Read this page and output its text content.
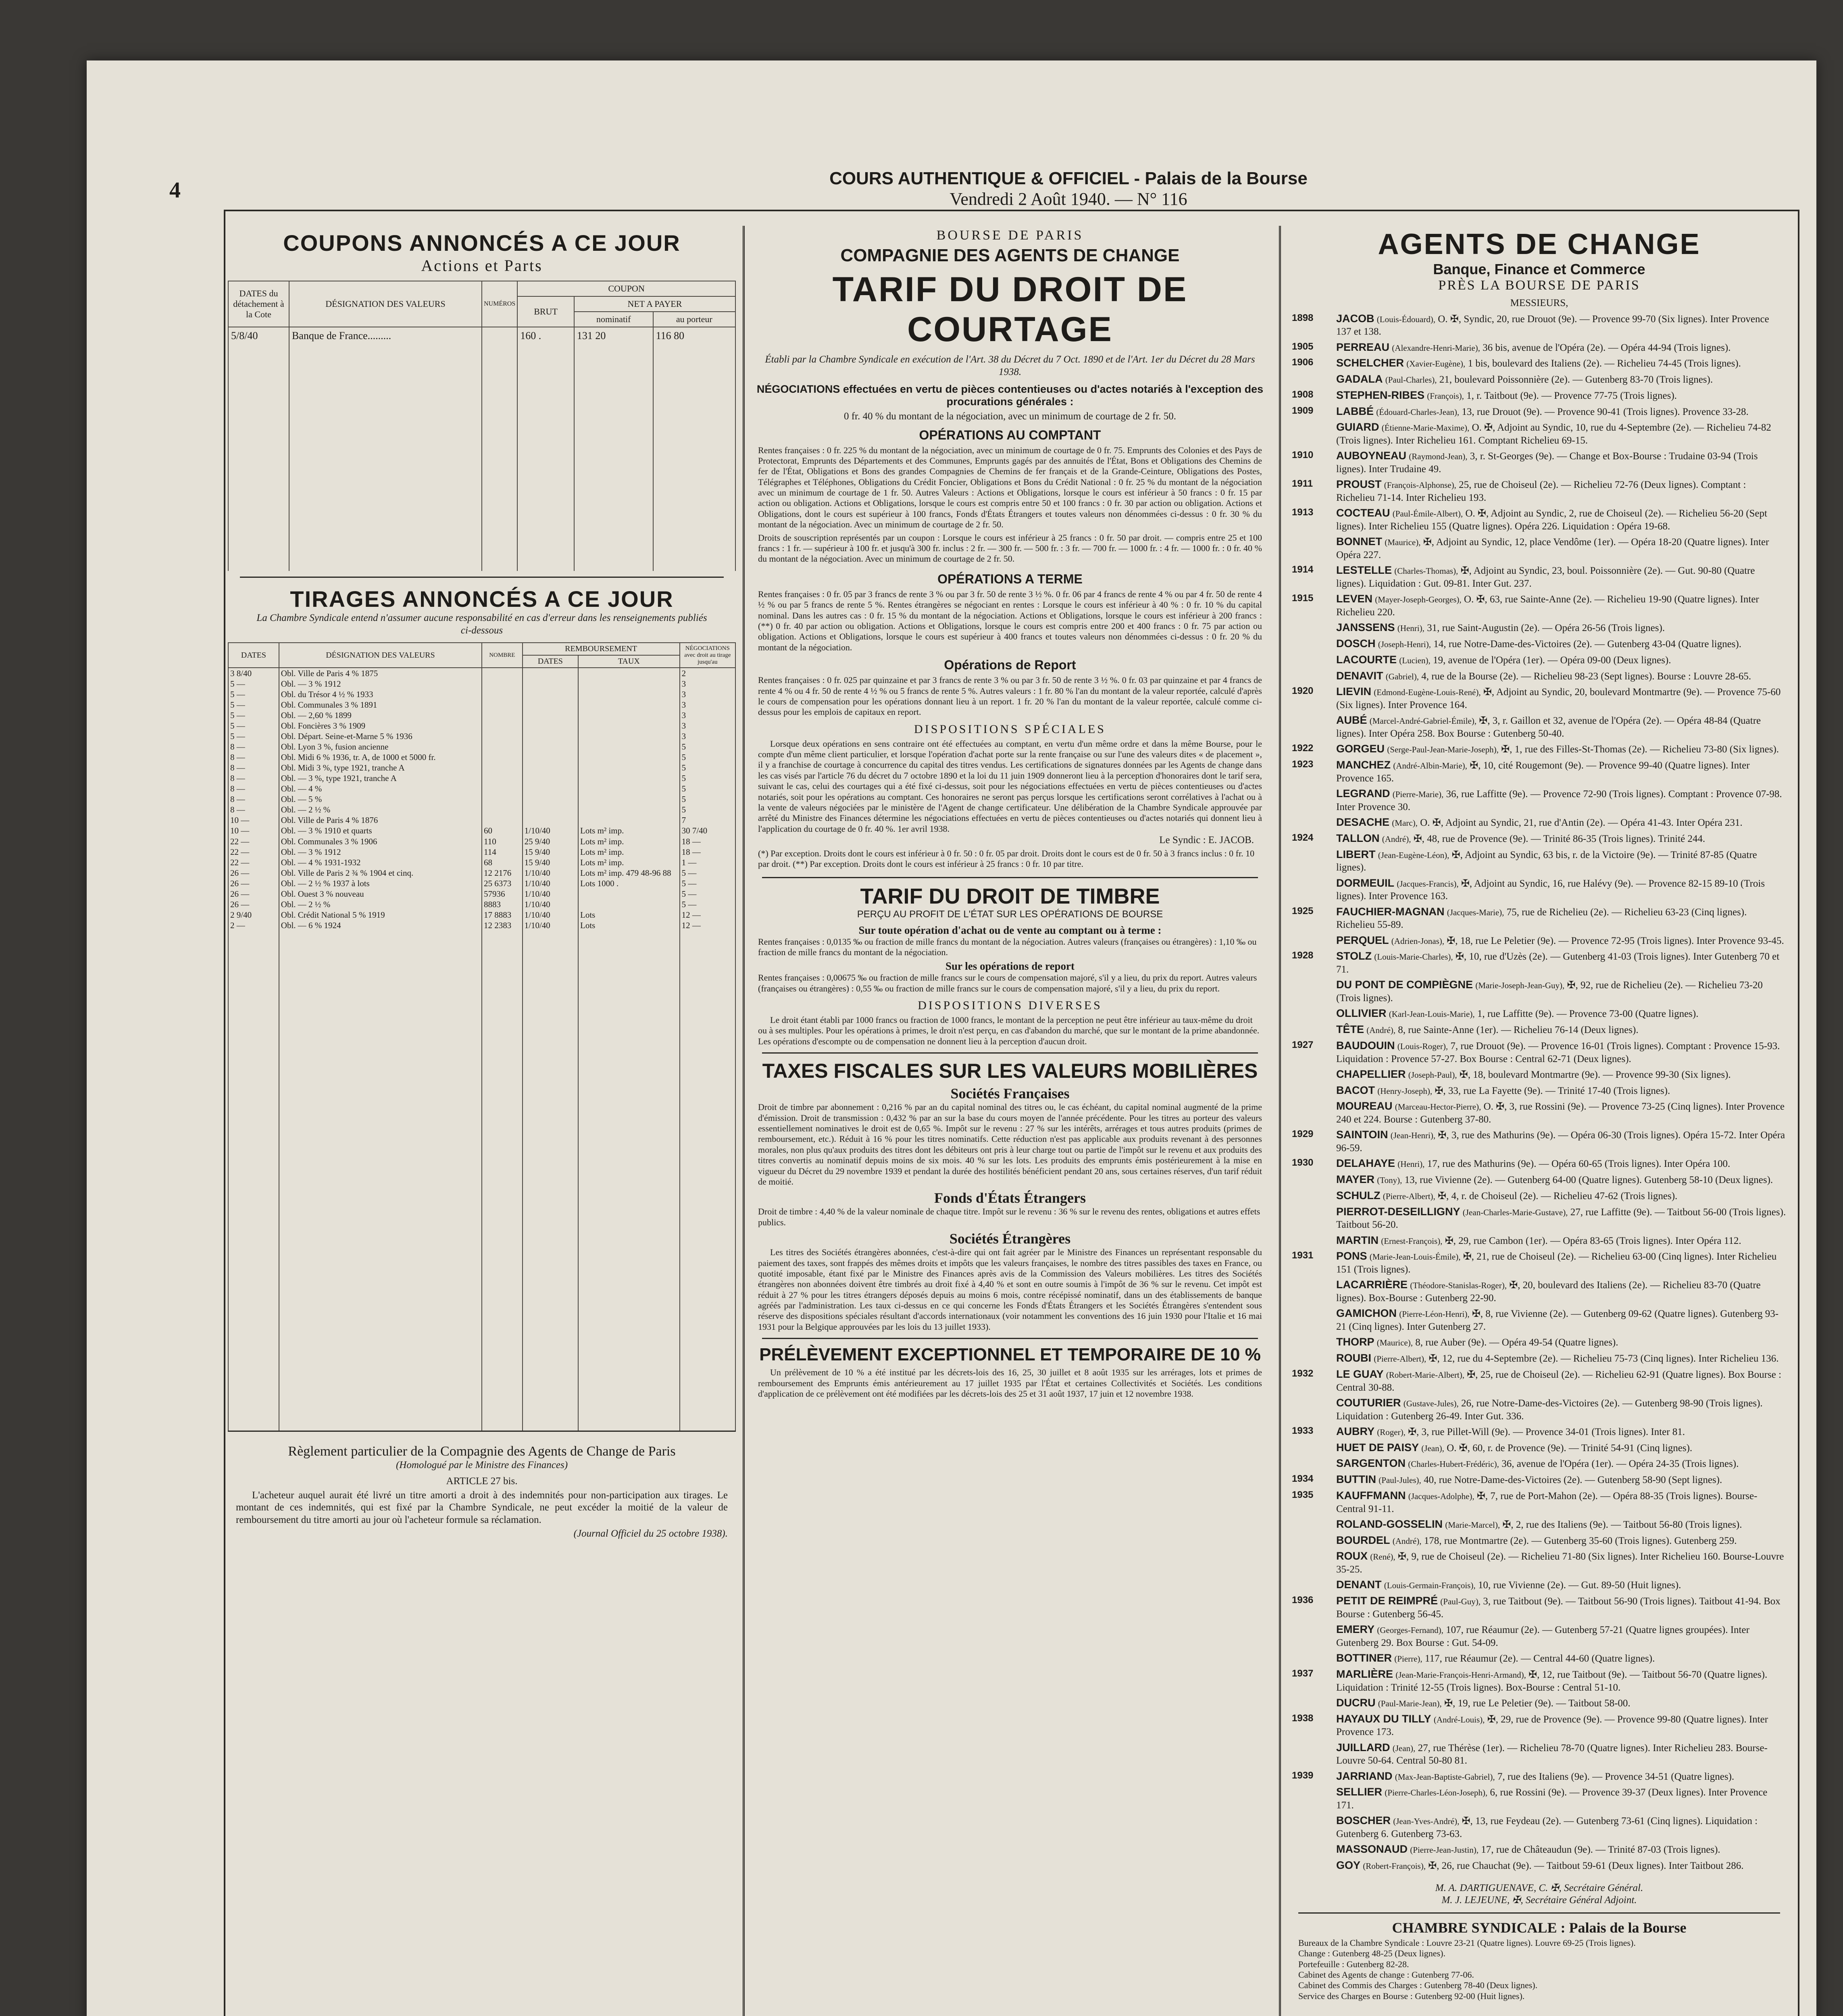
4	COURS AUTHENTIQUE & OFFICIEL - Palais de la Bourse
Vendredi 2 Août 1940. — N° 116
COUPONS ANNONCÉS A CE JOUR
Actions et Parts
DATES du détachement à la Cote	DÉSIGNATION DES VALEURS	NUMÉROS	COUPON		
			BRUT	NET A PAYER	
				nominatif	au porteur
5/8/40	Banque de France.........		160 .	131 20	116 80

TIRAGES ANNONCÉS A CE JOUR
La Chambre Syndicale entend n'assumer aucune responsabilité en cas d'erreur dans les renseignements publiés ci-dessous
DATES	DÉSIGNATION DES VALEURS	NOMBRE	REMBOURSEMENT		NÉGOCIATIONS avec droit au tirage jusqu'au
			DATES	TAUX	
3 8/40	Obl. Ville de Paris 4 % 1875				2
5 —	Obl. — 3 % 1912				3
5 —	Obl. du Trésor 4 ½ % 1933				3
5 —	Obl. Communales 3 % 1891				3
5 —	Obl. — 2,60 % 1899				3
5 —	Obl. Foncières 3 % 1909				3
5 —	Obl. Départ. Seine-et-Marne 5 % 1936				3
8 —	Obl. Lyon 3 %, fusion ancienne				5
8 —	Obl. Midi 6 % 1936, tr. A, de 1000 et 5000 fr.				5
8 —	Obl. Midi 3 %, type 1921, tranche A				5
8 —	Obl. — 3 %, type 1921, tranche A				5
8 —	Obl. — 4 %				5
8 —	Obl. — 5 %				5
8 —	Obl. — 2 ½ %				5
10 —	Obl. Ville de Paris 4 % 1876				7
10 —	Obl. — 3 % 1910 et quarts	60	1/10/40	Lots m² imp.	30 7/40
22 —	Obl. Communales 3 % 1906	110	25 9/40	Lots m² imp.	18 —
22 —	Obl. — 3 % 1912	114	15 9/40	Lots m² imp.	18 —
22 —	Obl. — 4 % 1931-1932	68	15 9/40	Lots m² imp.	1 —
26 —	Obl. Ville de Paris 2 ¾ % 1904 et cinq.	12 2176	1/10/40	Lots m² imp. 479 48-96 88	5 —
26 —	Obl. — 2 ½ % 1937 à lots	25 6373	1/10/40	Lots 1000 .	5 —
26 —	Obl. Ouest 3 % nouveau	57936	1/10/40		5 —
26 —	Obl. — 2 ½ %	8883	1/10/40		5 —
2 9/40	Obl. Crédit National 5 % 1919	17 8883	1/10/40	Lots	12 —
2 —	Obl. — 6 % 1924	12 2383	1/10/40	Lots	12 —

Règlement particulier de la Compagnie des Agents de Change de Paris
(Homologué par le Ministre des Finances)
ARTICLE 27 bis.
L'acheteur auquel aurait été livré un titre amorti a droit à des indemnités pour non-participation aux tirages. Le montant de ces indemnités, qui est fixé par la Chambre Syndicale, ne peut excéder la moitié de la valeur de remboursement du titre amorti au jour où l'acheteur formule sa réclamation.
(Journal Officiel du 25 octobre 1938).
BOURSE DE PARIS
COMPAGNIE DES AGENTS DE CHANGE
TARIF DU DROIT DE COURTAGE
Établi par la Chambre Syndicale en exécution de l'Art. 38 du Décret du 7 Oct. 1890 et de l'Art. 1er du Décret du 28 Mars 1938.
NÉGOCIATIONS effectuées en vertu de pièces contentieuses ou d'actes notariés à l'exception des procurations générales :
0 fr. 40 % du montant de la négociation, avec un minimum de courtage de 2 fr. 50.
OPÉRATIONS AU COMPTANT
Rentes françaises : 0 fr. 225 % du montant de la négociation, avec un minimum de courtage de 0 fr. 75. Emprunts des Colonies et des Pays de Protectorat, Emprunts des Départements et des Communes, Emprunts gagés par des annuités de l'État, Bons et Obligations des Chemins de fer de l'État, Obligations et Bons des grandes Compagnies de Chemins de fer français et de la Grande-Ceinture, Obligations des Postes, Télégraphes et Téléphones, Obligations du Crédit Foncier, Obligations et Bons du Crédit National : 0 fr. 25 % du montant de la négociation avec un minimum de courtage de 1 fr. 50. Autres Valeurs : Actions et Obligations, lorsque le cours est inférieur à 50 francs : 0 fr. 15 par action ou obligation. Actions et Obligations, lorsque le cours est compris entre 50 et 100 francs : 0 fr. 30 par action ou obligation. Actions et Obligations, dont le cours est supérieur à 100 francs, Fonds d'États Étrangers et toutes valeurs non dénommées ci-dessus : 0 fr. 30 % du montant de la négociation. Avec un minimum de courtage de 2 fr. 50.
Droits de souscription représentés par un coupon : Lorsque le cours est inférieur à 25 francs : 0 fr. 50 par droit. — compris entre 25 et 100 francs : 1 fr. — supérieur à 100 fr. et jusqu'à 300 fr. inclus : 2 fr. — 300 fr. — 500 fr. : 3 fr. — 700 fr. — 1000 fr. : 4 fr. — 1000 fr. : 0 fr. 40 % du montant de la négociation. Avec un minimum de courtage de 2 fr. 50.
OPÉRATIONS A TERME
Rentes françaises : 0 fr. 05 par 3 francs de rente 3 % ou par 3 fr. 50 de rente 3 ½ %. 0 fr. 06 par 4 francs de rente 4 % ou par 4 fr. 50 de rente 4 ½ % ou par 5 francs de rente 5 %. Rentes étrangères se négociant en rentes : Lorsque le cours est inférieur à 40 % : 0 fr. 10 % du capital nominal. Dans les autres cas : 0 fr. 15 % du montant de la négociation. Actions et Obligations, lorsque le cours est inférieur à 200 francs : (**) 0 fr. 40 par action ou obligation. Actions et Obligations, lorsque le cours est compris entre 200 et 400 francs : 0 fr. 75 par action ou obligation. Actions et Obligations, lorsque le cours est supérieur à 400 francs et toutes valeurs non dénommées ci-dessus : 0 fr. 20 % du montant de la négociation.
Opérations de Report
Rentes françaises : 0 fr. 025 par quinzaine et par 3 francs de rente 3 % ou par 3 fr. 50 de rente 3 ½ %. 0 fr. 03 par quinzaine et par 4 francs de rente 4 % ou 4 fr. 50 de rente 4 ½ % ou 5 francs de rente 5 %. Autres valeurs : 1 fr. 80 % l'an du montant de la valeur reportée, calculé d'après le cours de compensation pour les opérations donnant lieu à un report. 1 fr. 20 % l'an du montant de la valeur reportée, calculé comme ci-dessus pour les emplois de capitaux en report.
DISPOSITIONS SPÉCIALES
Lorsque deux opérations en sens contraire ont été effectuées au comptant, en vertu d'un même ordre et dans la même Bourse, pour le compte d'un même client particulier, et lorsque l'opération d'achat porte sur la rente française ou sur l'une des valeurs dites « de placement », il y a franchise de courtage à concurrence du capital des titres vendus. Les certifications de signatures données par les Agents de change dans les cas visés par l'article 76 du décret du 7 octobre 1890 et la loi du 11 juin 1909 donneront lieu à la perception d'honoraires dont le tarif sera, suivant le cas, celui des courtages qui a été fixé ci-dessus, soit pour les négociations effectuées en vertu de pièces contentieuses ou d'actes notariés, soit pour les opérations au comptant. Ces honoraires ne seront pas perçus lorsque les certifications seront corrélatives à l'achat ou à la vente de valeurs négociées par le ministère de l'Agent de change certificateur. Une délibération de la Chambre Syndicale approuvée par arrêté du Ministre des Finances détermine les négociations effectuées en vertu de pièces contentieuses ou d'actes notariés qui donnent lieu à l'application du courtage de 0 fr. 40 %. 1er avril 1938.
Le Syndic : E. JACOB.
(*) Par exception. Droits dont le cours est inférieur à 0 fr. 50 : 0 fr. 05 par droit. Droits dont le cours est de 0 fr. 50 à 3 francs inclus : 0 fr. 10 par droit. (**) Par exception. Droits dont le cours est inférieur à 25 francs : 0 fr. 10 par titre.
TARIF DU DROIT DE TIMBRE
PERÇU AU PROFIT DE L'ÉTAT SUR LES OPÉRATIONS DE BOURSE
Sur toute opération d'achat ou de vente au comptant ou à terme :
Rentes françaises : 0,0135 ‰ ou fraction de mille francs du montant de la négociation. Autres valeurs (françaises ou étrangères) : 1,10 ‰ ou fraction de mille francs du montant de la négociation.
Sur les opérations de report
Rentes françaises : 0,00675 ‰ ou fraction de mille francs sur le cours de compensation majoré, s'il y a lieu, du prix du report. Autres valeurs (françaises ou étrangères) : 0,55 ‰ ou fraction de mille francs sur le cours de compensation majoré, s'il y a lieu, du prix du report.
DISPOSITIONS DIVERSES
Le droit étant établi par 1000 francs ou fraction de 1000 francs, le montant de la perception ne peut être inférieur au taux-même du droit ou à ses multiples. Pour les opérations à primes, le droit n'est perçu, en cas d'abandon du marché, que sur le montant de la prime abandonnée. Les opérations d'escompte ou de compensation ne donnent lieu à la perception d'aucun droit.
TAXES FISCALES SUR LES VALEURS MOBILIÈRES
Sociétés Françaises
Droit de timbre par abonnement : 0,216 % par an du capital nominal des titres ou, le cas échéant, du capital nominal augmenté de la prime d'émission. Droit de transmission : 0,432 % par an sur la base du cours moyen de l'année précédente. Pour les titres au porteur des valeurs essentiellement nominatives le droit est de 0,65 %. Impôt sur le revenu : 27 % sur les intérêts, arrérages et tous autres produits (primes de remboursement, etc.). Réduit à 16 % pour les titres nominatifs. Cette réduction n'est pas applicable aux produits revenant à des personnes morales, non plus qu'aux produits des titres dont les débiteurs ont pris à leur charge tout ou partie de l'impôt sur le revenu et aux produits des titres convertis au nominatif depuis moins de six mois. 40 % sur les lots. Les produits des emprunts émis postérieurement à la mise en vigueur du Décret du 29 novembre 1939 et pendant la durée des hostilités bénéficient pendant 20 ans, sous certaines réserves, d'un tarif réduit de moitié.
Fonds d'États Étrangers
Droit de timbre : 4,40 % de la valeur nominale de chaque titre. Impôt sur le revenu : 36 % sur le revenu des rentes, obligations et autres effets publics.
Sociétés Étrangères
Les titres des Sociétés étrangères abonnées, c'est-à-dire qui ont fait agréer par le Ministre des Finances un représentant responsable du paiement des taxes, sont frappés des mêmes droits et impôts que les valeurs françaises, le nombre des titres passibles des taxes en France, ou quotité imposable, étant fixé par le Ministre des Finances après avis de la Commission des Valeurs mobilières. Les titres des Sociétés étrangères non abonnées doivent être timbrés au droit fixé à 4,40 % et sont en outre soumis à l'impôt de 36 % sur le revenu. Cet impôt est réduit à 27 % pour les titres étrangers déposés depuis au moins 6 mois, contre récépissé nominatif, dans un des établissements de banque agréés par l'administration. Les taux ci-dessus en ce qui concerne les Fonds d'États Étrangers et les Sociétés Étrangères s'entendent sous réserve des dispositions spéciales résultant d'accords internationaux (voir notamment les conventions des 16 juin 1930 pour l'Italie et 16 mai 1931 pour la Belgique approuvées par les lois du 13 juillet 1933).
PRÉLÈVEMENT EXCEPTIONNEL ET TEMPORAIRE DE 10 %
Un prélèvement de 10 % a été institué par les décrets-lois des 16, 25, 30 juillet et 8 août 1935 sur les arrérages, lots et primes de remboursement des Emprunts émis antérieurement au 17 juillet 1935 par l'État et certaines Collectivités et Sociétés. Les conditions d'application de ce prélèvement ont été modifiées par les décrets-lois des 25 et 31 août 1937, 17 juin et 12 novembre 1938.
AGENTS DE CHANGE
Banque, Finance et Commerce
PRÈS LA BOURSE DE PARIS
MESSIEURS,
1898 JACOB (Louis-Édouard), O. ✠, Syndic, 20, rue Drouot (9e). — Provence 99-70 (Six lignes). Inter Provence 137 et 138.
1905 PERREAU (Alexandre-Henri-Marie), 36 bis, avenue de l'Opéra (2e). — Opéra 44-94 (Trois lignes).
1906 SCHELCHER (Xavier-Eugène), 1 bis, boulevard des Italiens (2e). — Richelieu 74-45 (Trois lignes).
GADALA (Paul-Charles), 21, boulevard Poissonnière (2e). — Gutenberg 83-70 (Trois lignes).
1908 STEPHEN-RIBES (François), 1, r. Taitbout (9e). — Provence 77-75 (Trois lignes).
1909 LABBÉ (Édouard-Charles-Jean), 13, rue Drouot (9e). — Provence 90-41 (Trois lignes). Provence 33-28.
GUIARD (Étienne-Marie-Maxime), O. ✠, Adjoint au Syndic, 10, rue du 4-Septembre (2e). — Richelieu 74-82 (Trois lignes). Inter Richelieu 161. Comptant Richelieu 69-15.
1910 AUBOYNEAU (Raymond-Jean), 3, r. St-Georges (9e). — Change et Box-Bourse : Trudaine 03-94 (Trois lignes). Inter Trudaine 49.
1911 PROUST (François-Alphonse), 25, rue de Choiseul (2e). — Richelieu 72-76 (Deux lignes). Comptant : Richelieu 71-14. Inter Richelieu 193.
1913 COCTEAU (Paul-Émile-Albert), O. ✠, Adjoint au Syndic, 2, rue de Choiseul (2e). — Richelieu 56-20 (Sept lignes). Inter Richelieu 155 (Quatre lignes). Opéra 226. Liquidation : Opéra 19-68.
BONNET (Maurice), ✠, Adjoint au Syndic, 12, place Vendôme (1er). — Opéra 18-20 (Quatre lignes). Inter Opéra 227.
1914 LESTELLE (Charles-Thomas), ✠, Adjoint au Syndic, 23, boul. Poissonnière (2e). — Gut. 90-80 (Quatre lignes). Liquidation : Gut. 09-81. Inter Gut. 237.
1915 LEVEN (Mayer-Joseph-Georges), O. ✠, 63, rue Sainte-Anne (2e). — Richelieu 19-90 (Quatre lignes). Inter Richelieu 220.
JANSSENS (Henri), 31, rue Saint-Augustin (2e). — Opéra 26-56 (Trois lignes).
DOSCH (Joseph-Henri), 14, rue Notre-Dame-des-Victoires (2e). — Gutenberg 43-04 (Quatre lignes).
LACOURTE (Lucien), 19, avenue de l'Opéra (1er). — Opéra 09-00 (Deux lignes).
DENAVIT (Gabriel), 4, rue de la Bourse (2e). — Richelieu 98-23 (Sept lignes). Bourse : Louvre 28-65.
1920 LIEVIN (Edmond-Eugène-Louis-René), ✠, Adjoint au Syndic, 20, boulevard Montmartre (9e). — Provence 75-60 (Six lignes). Inter Provence 164.
AUBÉ (Marcel-André-Gabriel-Émile), ✠, 3, r. Gaillon et 32, avenue de l'Opéra (2e). — Opéra 48-84 (Quatre lignes). Inter Opéra 258. Box Bourse : Gutenberg 50-40.
1922 GORGEU (Serge-Paul-Jean-Marie-Joseph), ✠, 1, rue des Filles-St-Thomas (2e). — Richelieu 73-80 (Six lignes).
1923 MANCHEZ (André-Albin-Marie), ✠, 10, cité Rougemont (9e). — Provence 99-40 (Quatre lignes). Inter Provence 165.
LEGRAND (Pierre-Marie), 36, rue Laffitte (9e). — Provence 72-90 (Trois lignes). Comptant : Provence 07-98. Inter Provence 30.
DESACHE (Marc), O. ✠, Adjoint au Syndic, 21, rue d'Antin (2e). — Opéra 41-43. Inter Opéra 231.
1924 TALLON (André), ✠, 48, rue de Provence (9e). — Trinité 86-35 (Trois lignes). Trinité 244.
LIBERT (Jean-Eugène-Léon), ✠, Adjoint au Syndic, 63 bis, r. de la Victoire (9e). — Trinité 87-85 (Quatre lignes).
DORMEUIL (Jacques-Francis), ✠, Adjoint au Syndic, 16, rue Halévy (9e). — Provence 82-15 89-10 (Trois lignes). Inter Provence 163.
1925 FAUCHIER-MAGNAN (Jacques-Marie), 75, rue de Richelieu (2e). — Richelieu 63-23 (Cinq lignes). Richelieu 55-89.
PERQUEL (Adrien-Jonas), ✠, 18, rue Le Peletier (9e). — Provence 72-95 (Trois lignes). Inter Provence 93-45.
1928 STOLZ (Louis-Marie-Charles), ✠, 10, rue d'Uzès (2e). — Gutenberg 41-03 (Trois lignes). Inter Gutenberg 70 et 71.
DU PONT DE COMPIÈGNE (Marie-Joseph-Jean-Guy), ✠, 92, rue de Richelieu (2e). — Richelieu 73-20 (Trois lignes).
OLLIVIER (Karl-Jean-Louis-Marie), 1, rue Laffitte (9e). — Provence 73-00 (Quatre lignes).
TÊTE (André), 8, rue Sainte-Anne (1er). — Richelieu 76-14 (Deux lignes).
1927 BAUDOUIN (Louis-Roger), 7, rue Drouot (9e). — Provence 16-01 (Trois lignes). Comptant : Provence 15-93. Liquidation : Provence 57-27. Box Bourse : Central 62-71 (Deux lignes).
CHAPELLIER (Joseph-Paul), ✠, 18, boulevard Montmartre (9e). — Provence 99-30 (Six lignes).
BACOT (Henry-Joseph), ✠, 33, rue La Fayette (9e). — Trinité 17-40 (Trois lignes).
MOUREAU (Marceau-Hector-Pierre), O. ✠, 3, rue Rossini (9e). — Provence 73-25 (Cinq lignes). Inter Provence 240 et 224. Bourse : Gutenberg 37-80.
1929 SAINTOIN (Jean-Henri), ✠, 3, rue des Mathurins (9e). — Opéra 06-30 (Trois lignes). Opéra 15-72. Inter Opéra 96-59.
1930 DELAHAYE (Henri), 17, rue des Mathurins (9e). — Opéra 60-65 (Trois lignes). Inter Opéra 100.
MAYER (Tony), 13, rue Vivienne (2e). — Gutenberg 64-00 (Quatre lignes). Gutenberg 58-10 (Deux lignes).
SCHULZ (Pierre-Albert), ✠, 4, r. de Choiseul (2e). — Richelieu 47-62 (Trois lignes).
PIERROT-DESEILLIGNY (Jean-Charles-Marie-Gustave), 27, rue Laffitte (9e). — Taitbout 56-00 (Trois lignes). Taitbout 56-20.
MARTIN (Ernest-François), ✠, 29, rue Cambon (1er). — Opéra 83-65 (Trois lignes). Inter Opéra 112.
1931 PONS (Marie-Jean-Louis-Émile), ✠, 21, rue de Choiseul (2e). — Richelieu 63-00 (Cinq lignes). Inter Richelieu 151 (Trois lignes).
LACARRIÈRE (Théodore-Stanislas-Roger), ✠, 20, boulevard des Italiens (2e). — Richelieu 83-70 (Quatre lignes). Box-Bourse : Gutenberg 22-90.
GAMICHON (Pierre-Léon-Henri), ✠, 8, rue Vivienne (2e). — Gutenberg 09-62 (Quatre lignes). Gutenberg 93-21 (Cinq lignes). Inter Gutenberg 27.
THORP (Maurice), 8, rue Auber (9e). — Opéra 49-54 (Quatre lignes).
ROUBI (Pierre-Albert), ✠, 12, rue du 4-Septembre (2e). — Richelieu 75-73 (Cinq lignes). Inter Richelieu 136.
1932 LE GUAY (Robert-Marie-Albert), ✠, 25, rue de Choiseul (2e). — Richelieu 62-91 (Quatre lignes). Box Bourse : Central 30-88.
COUTURIER (Gustave-Jules), 26, rue Notre-Dame-des-Victoires (2e). — Gutenberg 98-90 (Trois lignes). Liquidation : Gutenberg 26-49. Inter Gut. 336.
1933 AUBRY (Roger), ✠, 3, rue Pillet-Will (9e). — Provence 34-01 (Trois lignes). Inter 81.
HUET DE PAISY (Jean), O. ✠, 60, r. de Provence (9e). — Trinité 54-91 (Cinq lignes).
SARGENTON (Charles-Hubert-Frédéric), 36, avenue de l'Opéra (1er). — Opéra 24-35 (Trois lignes).
1934 BUTTIN (Paul-Jules), 40, rue Notre-Dame-des-Victoires (2e). — Gutenberg 58-90 (Sept lignes).
1935 KAUFFMANN (Jacques-Adolphe), ✠, 7, rue de Port-Mahon (2e). — Opéra 88-35 (Trois lignes). Bourse-Central 91-11.
ROLAND-GOSSELIN (Marie-Marcel), ✠, 2, rue des Italiens (9e). — Taitbout 56-80 (Trois lignes).
BOURDEL (André), 178, rue Montmartre (2e). — Gutenberg 35-60 (Trois lignes). Gutenberg 259.
ROUX (René), ✠, 9, rue de Choiseul (2e). — Richelieu 71-80 (Six lignes). Inter Richelieu 160. Bourse-Louvre 35-25.
DENANT (Louis-Germain-François), 10, rue Vivienne (2e). — Gut. 89-50 (Huit lignes).
1936 PETIT DE REIMPRÉ (Paul-Guy), 3, rue Taitbout (9e). — Taitbout 56-90 (Trois lignes). Taitbout 41-94. Box Bourse : Gutenberg 56-45.
EMERY (Georges-Fernand), 107, rue Réaumur (2e). — Gutenberg 57-21 (Quatre lignes groupées). Inter Gutenberg 29. Box Bourse : Gut. 54-09.
BOTTINER (Pierre), 117, rue Réaumur (2e). — Central 44-60 (Quatre lignes).
1937 MARLIÈRE (Jean-Marie-François-Henri-Armand), ✠, 12, rue Taitbout (9e). — Taitbout 56-70 (Quatre lignes). Liquidation : Trinité 12-55 (Trois lignes). Box-Bourse : Central 51-10.
DUCRU (Paul-Marie-Jean), ✠, 19, rue Le Peletier (9e). — Taitbout 58-00.
1938 HAYAUX DU TILLY (André-Louis), ✠, 29, rue de Provence (9e). — Provence 99-80 (Quatre lignes). Inter Provence 173.
JUILLARD (Jean), 27, rue Thérèse (1er). — Richelieu 78-70 (Quatre lignes). Inter Richelieu 283. Bourse-Louvre 50-64. Central 50-80 81.
1939 JARRIAND (Max-Jean-Baptiste-Gabriel), 7, rue des Italiens (9e). — Provence 34-51 (Quatre lignes).
SELLIER (Pierre-Charles-Léon-Joseph), 6, rue Rossini (9e). — Provence 39-37 (Deux lignes). Inter Provence 171.
BOSCHER (Jean-Yves-André), ✠, 13, rue Feydeau (2e). — Gutenberg 73-61 (Cinq lignes). Liquidation : Gutenberg 6. Gutenberg 73-63.
MASSONAUD (Pierre-Jean-Justin), 17, rue de Châteaudun (9e). — Trinité 87-03 (Trois lignes).
GOY (Robert-François), ✠, 26, rue Chauchat (9e). — Taitbout 59-61 (Deux lignes). Inter Taitbout 286.
M. A. DARTIGUENAVE, C. ✠, Secrétaire Général.
M. J. LEJEUNE, ✠, Secrétaire Général Adjoint.
CHAMBRE SYNDICALE : Palais de la Bourse
Bureaux de la Chambre Syndicale : Louvre 23-21 (Quatre lignes). Louvre 69-25 (Trois lignes).
Change : Gutenberg 48-25 (Deux lignes).
Portefeuille : Gutenberg 82-28.
Cabinet des Agents de change : Gutenberg 77-06.
Cabinet des Commis des Charges : Gutenberg 78-40 (Deux lignes).
Service des Charges en Bourse : Gutenberg 92-00 (Huit lignes).
